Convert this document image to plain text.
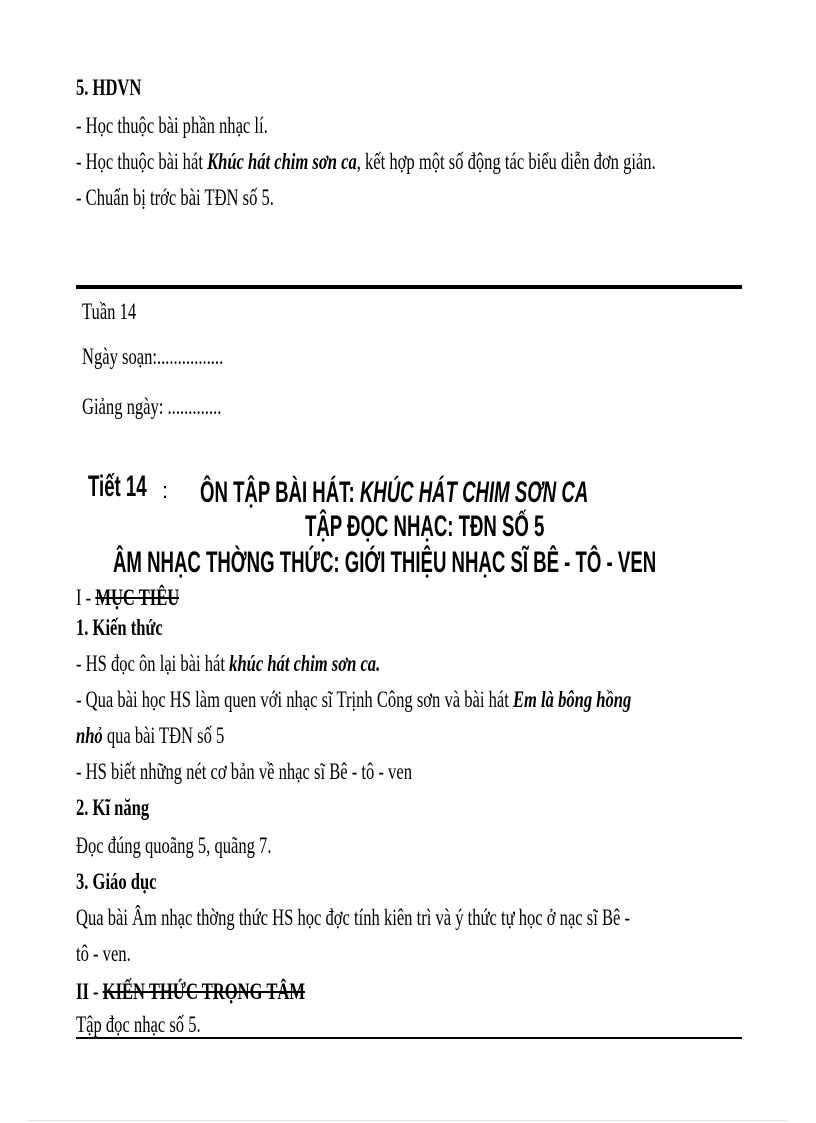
5. HDVN
- Học thuộc bài phần nhạc lí.
- Học thuộc bài hát Khúc hát chim sơn ca, kết hợp một số động tác biểu diễn đơn giản.
- Chuẩn bị trớc bài TĐN số 5.
Tuần 14
Ngày soạn:................
Giảng ngày: .............
Tiết 14 : ÔN TẬP BÀI HÁT: KHÚC HÁT CHIM SƠN CA
TẬP ĐỌC NHẠC: TĐN SỐ 5
ÂM NHẠC THỜNG THỨC: GIỚI THIỆU NHẠC SĨ BÊ - TÔ - VEN
I - MỤC TIÊU
1. Kiến thức
- HS đọc ôn lại bài hát khúc hát chim sơn ca.
- Qua bài học HS làm quen với nhạc sĩ Trịnh Công sơn và bài hát Em là bông hồng
nhỏ qua bài TĐN số 5
- HS biết những nét cơ bản về nhạc sĩ Bê - tô - ven
2. Kĩ năng
Đọc đúng quoãng 5, quãng 7.
3. Giáo dục
Qua bài Âm nhạc thờng thức HS học đợc tính kiên trì và ý thức tự học ở nạc sĩ Bê -
tô - ven.
II - KIẾN THỨC TRỌNG TÂM
Tập đọc nhạc số 5.
